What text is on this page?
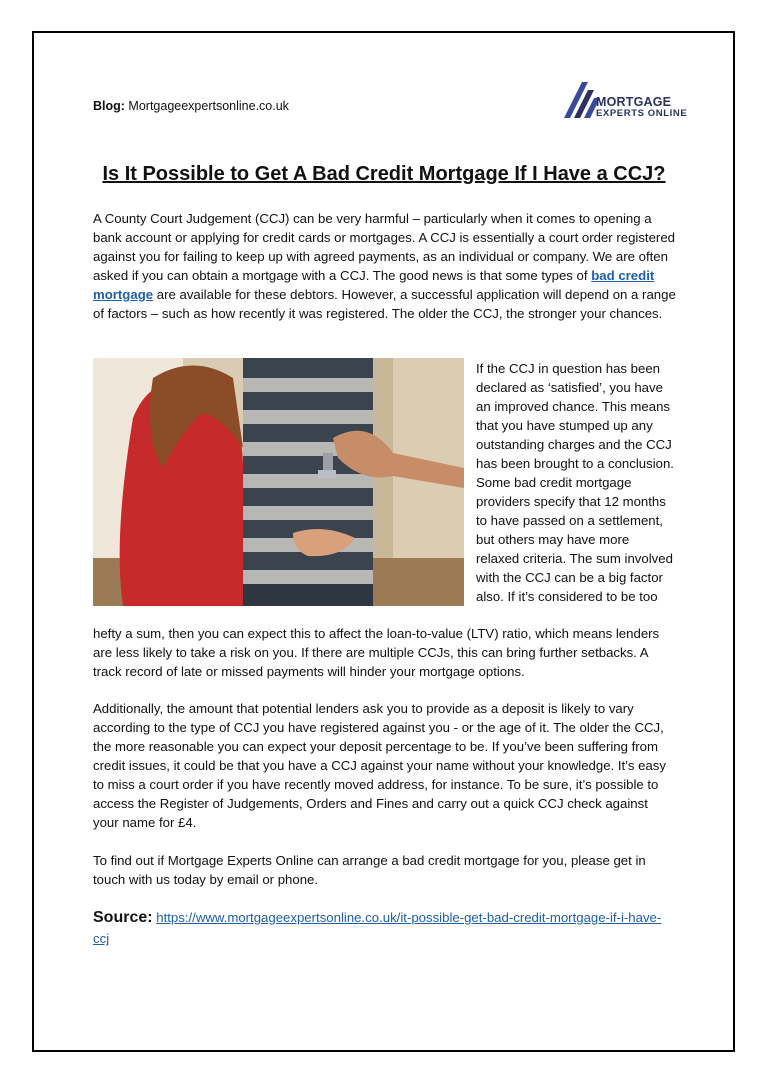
Blog: Mortgageexpertsonline.co.uk	MORTGAGE
EXPERTS ONLINE
Is It Possible to Get A Bad Credit Mortgage If I Have a CCJ?
A County Court Judgement (CCJ) can be very harmful – particularly when it comes to opening a bank account or applying for credit cards or mortgages. A CCJ is essentially a court order registered against you for failing to keep up with agreed payments, as an individual or company. We are often asked if you can obtain a mortgage with a CCJ. The good news is that some types of bad credit mortgage are available for these debtors. However, a successful application will depend on a range of factors – such as how recently it was registered. The older the CCJ, the stronger your chances.
If the CCJ in question has been declared as ‘satisfied’, you have an improved chance. This means that you have stumped up any outstanding charges and the CCJ has been brought to a conclusion. Some bad credit mortgage providers specify that 12 months to have passed on a settlement, but others may have more relaxed criteria. The sum involved with the CCJ can be a big factor also. If it’s considered to be too
hefty a sum, then you can expect this to affect the loan-to-value (LTV) ratio, which means lenders are less likely to take a risk on you. If there are multiple CCJs, this can bring further setbacks. A track record of late or missed payments will hinder your mortgage options.
Additionally, the amount that potential lenders ask you to provide as a deposit is likely to vary according to the type of CCJ you have registered against you - or the age of it. The older the CCJ, the more reasonable you can expect your deposit percentage to be. If you’ve been suffering from credit issues, it could be that you have a CCJ against your name without your knowledge. It’s easy to miss a court order if you have recently moved address, for instance. To be sure, it’s possible to access the Register of Judgements, Orders and Fines and carry out a quick CCJ check against your name for £4.
To find out if Mortgage Experts Online can arrange a bad credit mortgage for you, please get in touch with us today by email or phone.
Source: https://www.mortgageexpertsonline.co.uk/it-possible-get-bad-credit-mortgage-if-i-have-ccj
